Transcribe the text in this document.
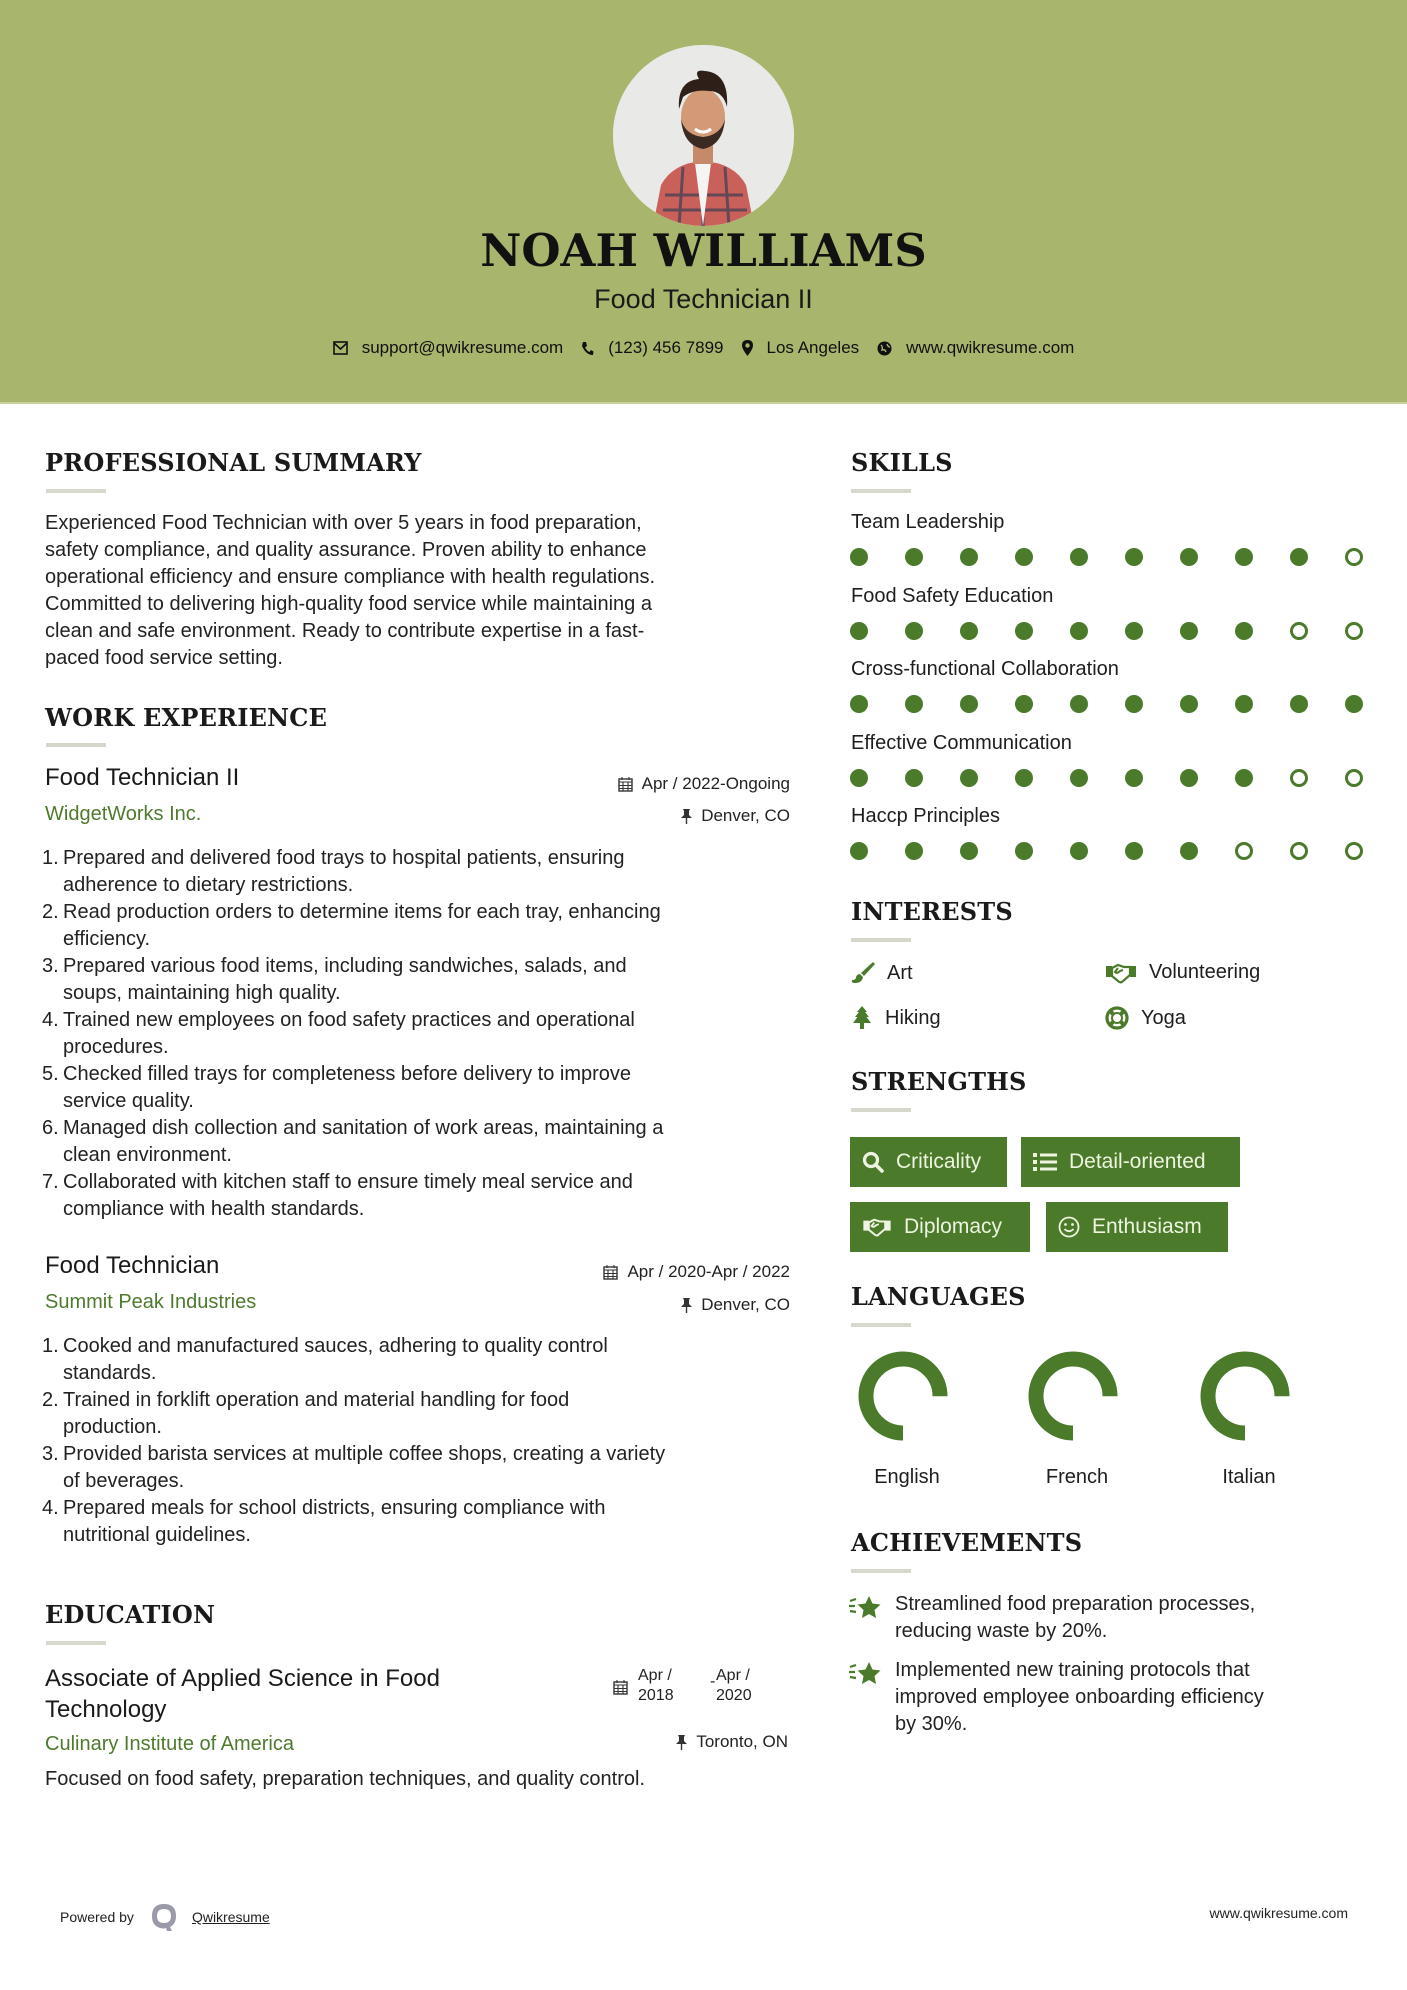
NOAH WILLIAMS
Food Technician II
support@qwikresume.com	(123) 456 7899	Los Angeles	www.qwikresume.com
PROFESSIONAL SUMMARY
Experienced Food Technician with over 5 years in food preparation,
safety compliance, and quality assurance. Proven ability to enhance
operational efficiency and ensure compliance with health regulations.
Committed to delivering high-quality food service while maintaining a
clean and safe environment. Ready to contribute expertise in a fast-
paced food service setting.
WORK EXPERIENCE
Food Technician II
WidgetWorks Inc.
Apr / 2022-Ongoing
Denver, CO
1. Prepared and delivered food trays to hospital patients, ensuring
adherence to dietary restrictions.
2. Read production orders to determine items for each tray, enhancing
efficiency.
3. Prepared various food items, including sandwiches, salads, and
soups, maintaining high quality.
4. Trained new employees on food safety practices and operational
procedures.
5. Checked filled trays for completeness before delivery to improve
service quality.
6. Managed dish collection and sanitation of work areas, maintaining a
clean environment.
7. Collaborated with kitchen staff to ensure timely meal service and
compliance with health standards.
Food Technician
Summit Peak Industries
Apr / 2020-Apr / 2022
Denver, CO
1. Cooked and manufactured sauces, adhering to quality control
standards.
2. Trained in forklift operation and material handling for food
production.
3. Provided barista services at multiple coffee shops, creating a variety
of beverages.
4. Prepared meals for school districts, ensuring compliance with
nutritional guidelines.
EDUCATION
Associate of Applied Science in Food
Technology
Culinary Institute of America
Apr /
2018
- Apr /
2020
Toronto, ON
Focused on food safety, preparation techniques, and quality control.
SKILLS
Team Leadership
Food Safety Education
Cross-functional Collaboration
Effective Communication
Haccp Principles
INTERESTS
Art	Volunteering
Hiking	Yoga
STRENGTHS
Criticality	Detail-oriented
Diplomacy	Enthusiasm
LANGUAGES
English	French	Italian
ACHIEVEMENTS
Streamlined food preparation processes,
reducing waste by 20%.
Implemented new training protocols that
improved employee onboarding efficiency
by 30%.
Powered by	Qwikresume	www.qwikresume.com
